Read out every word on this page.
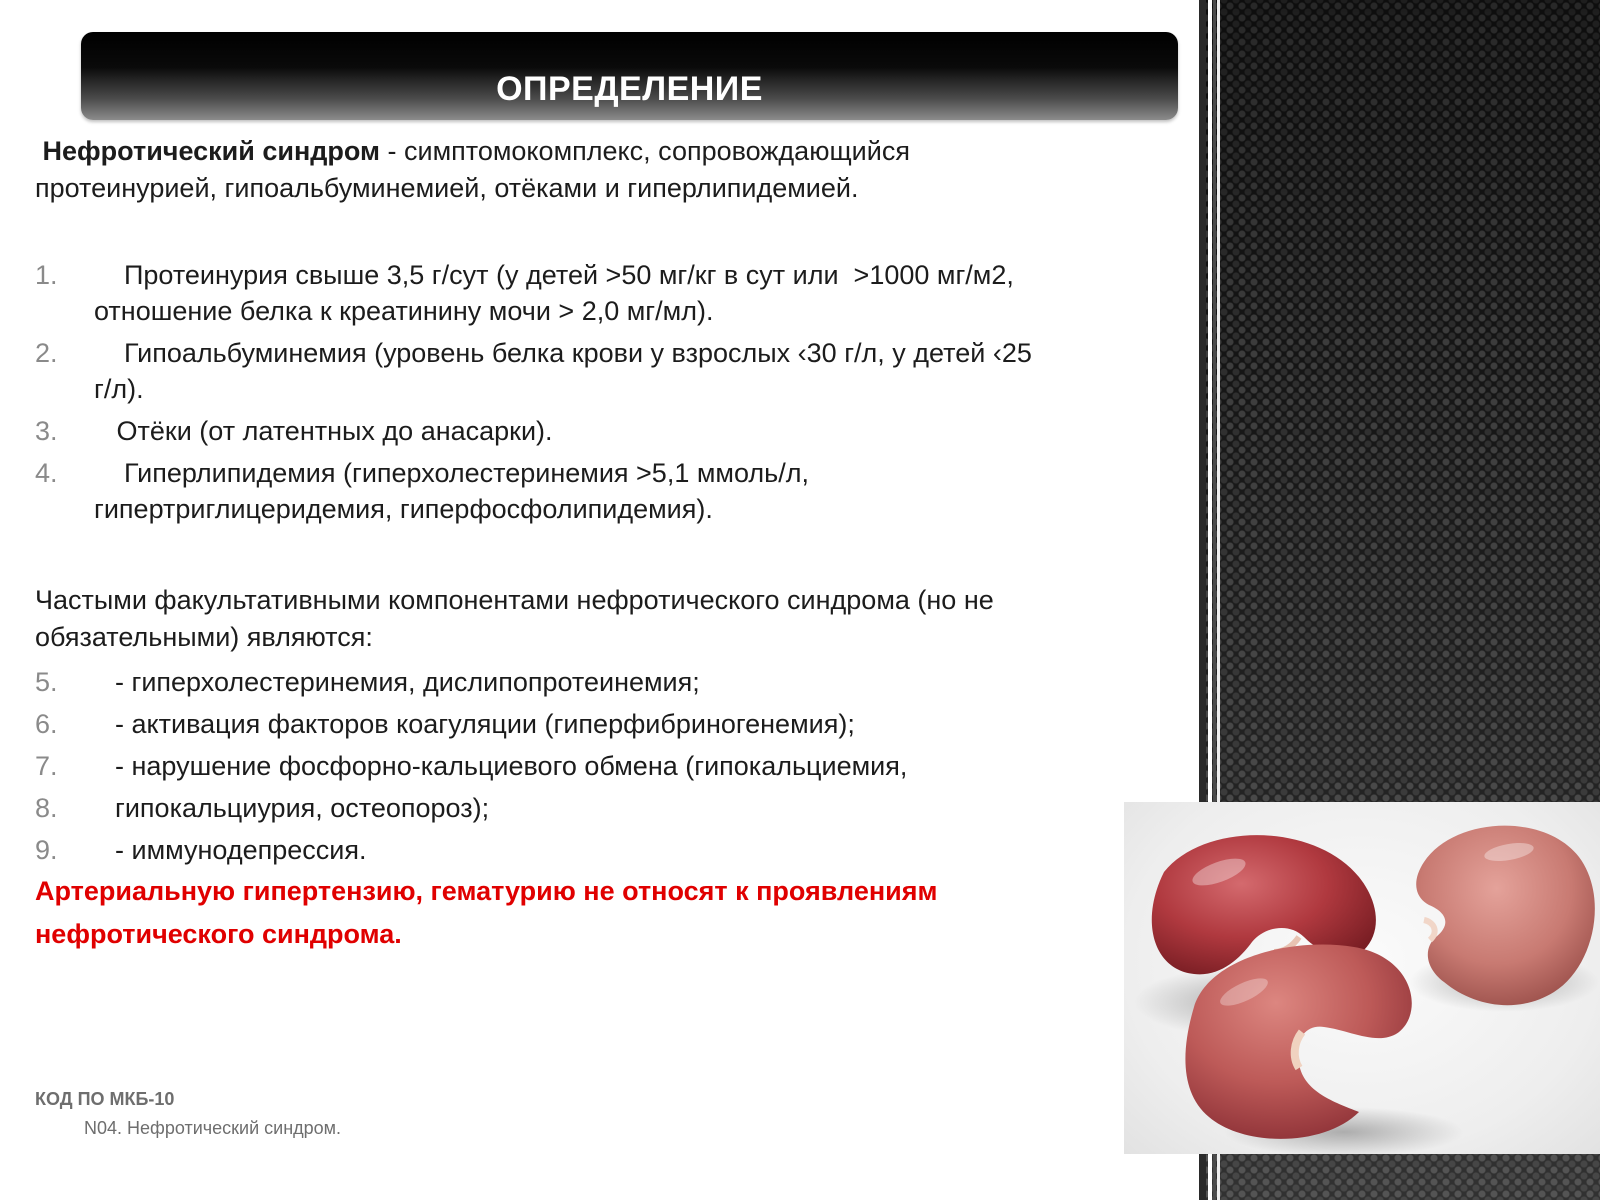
ОПРЕДЕЛЕНИЕ
Нефротический синдром - симптомокомплекс, сопровождающийся
протеинурией, гипоальбуминемией, отёками и гиперлипидемией.
1. Протеинурия свыше 3,5 г/сут (у детей >50 мг/кг в сут или  >1000 мг/м2,
отношение белка к креатинину мочи > 2,0 мг/мл).
2. Гипоальбуминемия (уровень белка крови у взрослых ‹30 г/л, у детей ‹25
г/л).
3. Отёки (от латентных до анасарки).
4. Гиперлипидемия (гиперхолестеринемия >5,1 ммоль/л,
гипертриглицеридемия, гиперфосфолипидемия).
Частыми факультативными компонентами нефротического синдрома (но не
обязательными) являются:
5. - гиперхолестеринемия, дислипопротеинемия;
6. - активация факторов коагуляции (гиперфибриногенемия);
7. - нарушение фосфорно-кальциевого обмена (гипокальциемия,
8. гипокальциурия, остеопороз);
9. - иммунодепрессия.
Артериальную гипертензию, гематурию не относят к проявлениям
нефротического синдрома.
КОД ПО МКБ-10
N04. Нефротический синдром.
